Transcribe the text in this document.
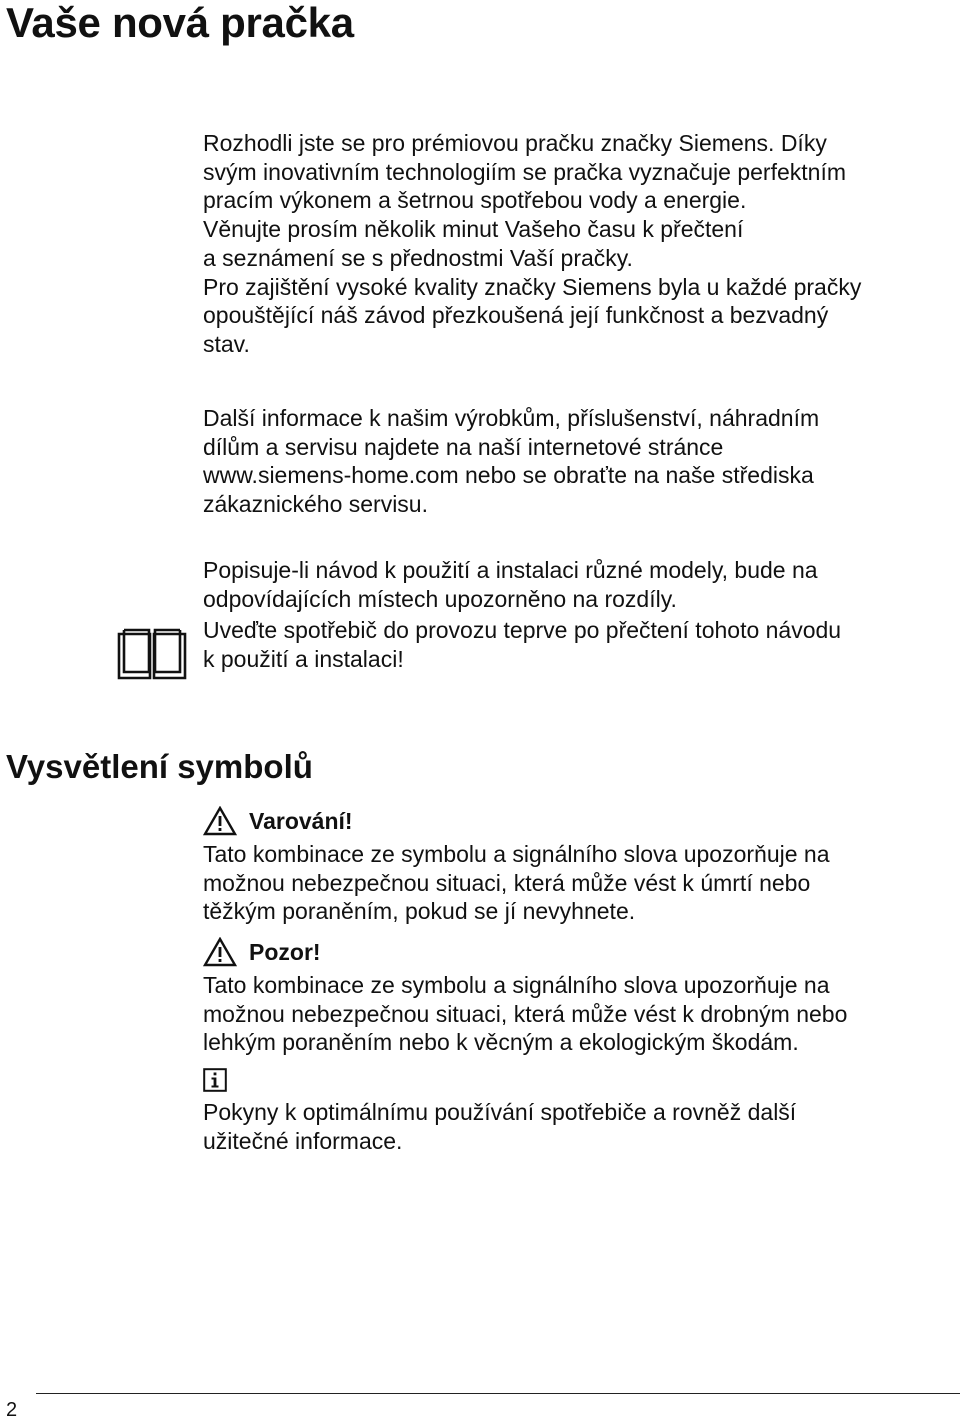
Vaše nová pračka
Rozhodli jste se pro prémiovou pračku značky Siemens. Díky
svým inovativním technologiím se pračka vyznačuje perfektním
pracím výkonem a šetrnou spotřebou vody a energie.
Věnujte prosím několik minut Vašeho času k přečtení
a seznámení se s přednostmi Vaší pračky.
Pro zajištění vysoké kvality značky Siemens byla u každé pračky
opouštějící náš závod přezkoušená její funkčnost a bezvadný
stav.
Další informace k našim výrobkům, příslušenství, náhradním
dílům a servisu najdete na naší internetové stránce
www.siemens-home.com nebo se obraťte na naše střediska
zákaznického servisu.
Popisuje-li návod k použití a instalaci různé modely, bude na
odpovídajících místech upozorněno na rozdíly.
Uveďte spotřebič do provozu teprve po přečtení tohoto návodu
k použití a instalaci!
Vysvětlení symbolů
Varování!
Tato kombinace ze symbolu a signálního slova upozorňuje na
možnou nebezpečnou situaci, která může vést k úmrtí nebo
těžkým poraněním, pokud se jí nevyhnete.
Pozor!
Tato kombinace ze symbolu a signálního slova upozorňuje na
možnou nebezpečnou situaci, která může vést k drobným nebo
lehkým poraněním nebo k věcným a ekologickým škodám.
Pokyny k optimálnímu používání spotřebiče a rovněž další
užitečné informace.
2
